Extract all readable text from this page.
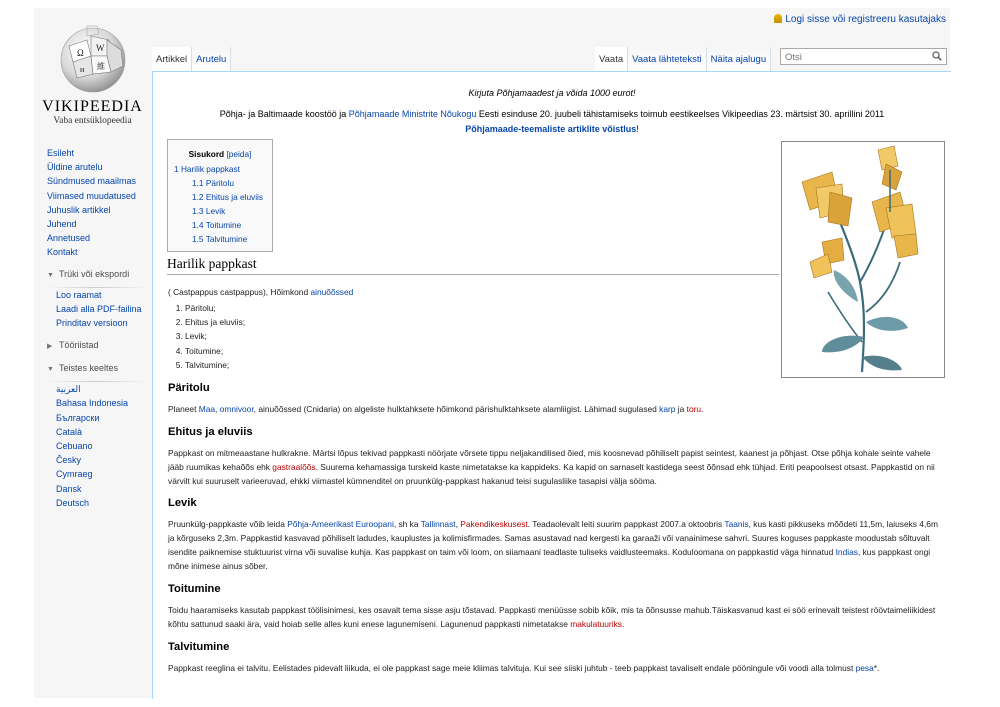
Logi sisse või registreeru kasutajaks
Ω W
и 維
VIKIPEEDIA
Vaba entsüklopeedia
Esileht
Üldine arutelu
Sündmused maailmas
Viimased muudatused
Juhuslik artikkel
Juhend
Annetused
Kontakt
▼ Trüki või ekspordi
Loo raamat
Laadi alla PDF-failina
Prinditav versioon
▶ Tööriistad
▼ Teistes keeltes
العربية
Bahasa Indonesia
Български
Català
Cebuano
Česky
Cymraeg
Dansk
Deutsch
Artikkel Arutelu	Vaata Vaata lähteteksti Näita ajalugu
Otsi
Kirjuta Põhjamaadest ja võida 1000 eurot!
Põhja- ja Baltimaade koostöö ja Põhjamaade Ministrite Nõukogu Eesti esinduse 20. juubeli tähistamiseks toimub eestikeelses Vikipeedias 23. märtsist 30. aprillini 2011
Põhjamaade-teemaliste artiklite võistlus!
Sisukord [peida]
1 Harilik pappkast
1.1 Päritolu
1.2 Ehitus ja eluviis
1.3 Levik
1.4 Toitumine
1.5 Talvitumine
Harilik pappkast
( Castpappus castpappus), Hõimkond ainuõõssed
1. Päritolu;
2. Ehitus ja eluviis;
3. Levik;
4. Toitumine;
5. Talvitumine;
Päritolu
Planeet Maa, omnivoor, ainuõõssed (Cnidaria) on algeliste hulktahksete hõimkond pärishulktahksete alamliigist. Lähimad sugulased karp ja toru.
Ehitus ja eluviis
Pappkast on mitmeaastane hulkrakne. Märtsi lõpus tekivad pappkasti nöörjate võrsete tippu neljakandilised õied, mis koosnevad põhiliselt papist seintest, kaanest ja põhjast. Otse põhja kohale seinte vahele jääb ruumikas kehaõõs ehk gastraalõõs. Suurema kehamassiga turskeid kaste nimetatakse ka kappideks. Ka kapid on sarnaselt kastidega seest õõnsad ehk tühjad. Eriti peapoolsest otsast. Pappkastid on nii värvilt kui suuruselt varieeruvad, ehkki viimastel kümnenditel on pruunkülg-pappkast hakanud teisi sugulasliike tasapisi välja sööma.
Levik
Pruunkülg-pappkaste võib leida Põhja-Ameerikast Euroopani, sh ka Tallinnast, Pakendikeskusest. Teadaolevalt leiti suurim pappkast 2007.a oktoobris Taanis, kus kasti pikkuseks mõõdeti 11,5m, laiuseks 4,6m ja kõrguseks 2,3m. Pappkastid kasvavad põhiliselt ladudes, kauplustes ja kolimisfirmades. Samas asustavad nad kergesti ka garaaži või vanainimese sahvri. Suures koguses pappkaste moodustab sõltuvalt isendite paiknemise stuktuurist virna või suvalise kuhja. Kas pappkast on taim või loom, on siiamaani teadlaste tuliseks vaidlusteemaks. Koduloomana on pappkastid väga hinnatud Indias, kus pappkast ongi mõne inimese ainus sõber.
Toitumine
Toidu haaramiseks kasutab pappkast töölisinimesi, kes osavalt tema sisse asju tõstavad. Pappkasti menüüsse sobib kõik, mis ta õõnsusse mahub.Täiskasvanud kast ei söö erinevalt teistest röövtaimeliikidest kõhtu sattunud saaki ära, vaid hoiab selle alles kuni enese lagunemiseni. Lagunenud pappkasti nimetatakse makulatuuriks.
Talvitumine
Pappkast reeglina ei talvitu. Eelistades pidevalt liikuda, ei ole pappkast sage meie kliimas talvituja. Kui see siiski juhtub - teeb pappkast tavaliselt endale pööningule või voodi alla tolmust pesa*.
